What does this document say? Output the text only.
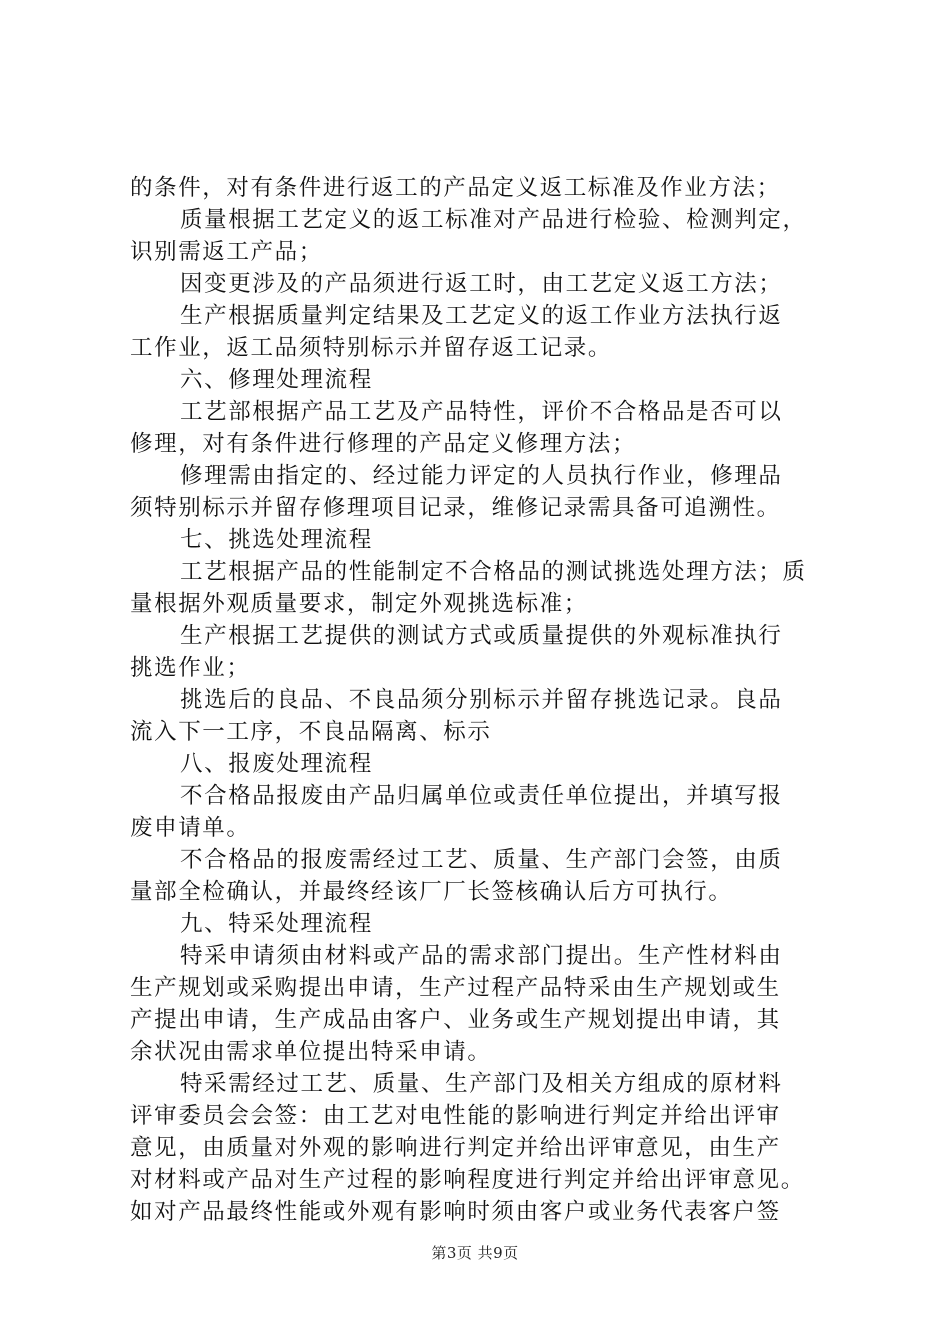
的条件，对有条件进行返工的产品定义返工标准及作业方法；
质量根据工艺定义的返工标准对产品进行检验、检测判定，
识别需返工产品；
因变更涉及的产品须进行返工时，由工艺定义返工方法；
生产根据质量判定结果及工艺定义的返工作业方法执行返
工作业，返工品须特别标示并留存返工记录。
六、修理处理流程
工艺部根据产品工艺及产品特性，评价不合格品是否可以
修理，对有条件进行修理的产品定义修理方法；
修理需由指定的、经过能力评定的人员执行作业，修理品
须特别标示并留存修理项目记录，维修记录需具备可追溯性。
七、挑选处理流程
工艺根据产品的性能制定不合格品的测试挑选处理方法；质
量根据外观质量要求，制定外观挑选标准；
生产根据工艺提供的测试方式或质量提供的外观标准执行
挑选作业；
挑选后的良品、不良品须分别标示并留存挑选记录。良品
流入下一工序，不良品隔离、标示
八、报废处理流程
不合格品报废由产品归属单位或责任单位提出，并填写报
废申请单。
不合格品的报废需经过工艺、质量、生产部门会签，由质
量部全检确认，并最终经该厂厂长签核确认后方可执行。
九、特采处理流程
特采申请须由材料或产品的需求部门提出。生产性材料由
生产规划或采购提出申请，生产过程产品特采由生产规划或生
产提出申请，生产成品由客户、业务或生产规划提出申请，其
余状况由需求单位提出特采申请。
特采需经过工艺、质量、生产部门及相关方组成的原材料
评审委员会会签：由工艺对电性能的影响进行判定并给出评审
意见，由质量对外观的影响进行判定并给出评审意见，由生产
对材料或产品对生产过程的影响程度进行判定并给出评审意见。
如对产品最终性能或外观有影响时须由客户或业务代表客户签
第3页 共9页
